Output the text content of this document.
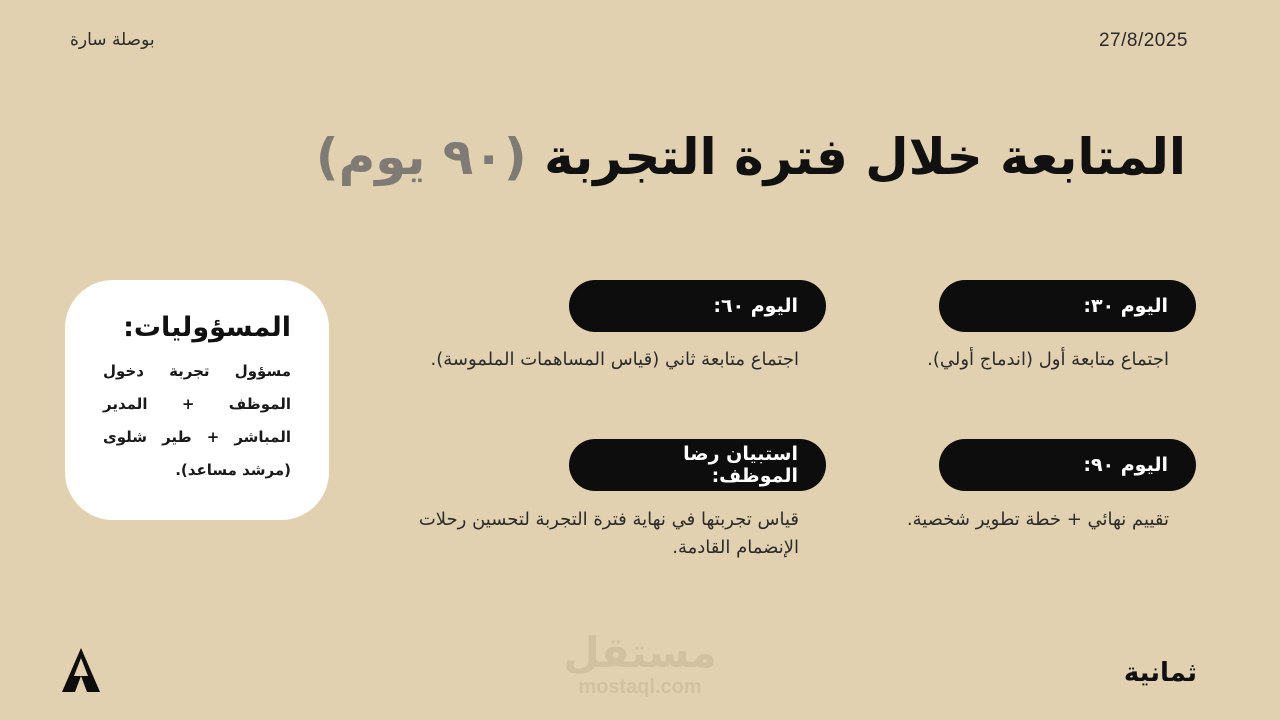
بوصلة سارة	27/8/2025
المتابعة خلال فترة التجربة (٩٠ يوم)
اليوم ٣٠:
اجتماع متابعة أول (اندماج أولي).
اليوم ٦٠:
اجتماع متابعة ثاني (قياس المساهمات الملموسة).
اليوم ٩٠:
تقييم نهائي + خطة تطوير شخصية.
استبيان رضا الموظف:
قياس تجربتها في نهاية فترة التجربة لتحسين رحلات الإنضمام القادمة.
المسؤوليات:
مسؤول تجربة دخول الموظف + المدير المباشر + طير شلوى (مرشد مساعد).
مستقل
mostaql.com	ثمانية
